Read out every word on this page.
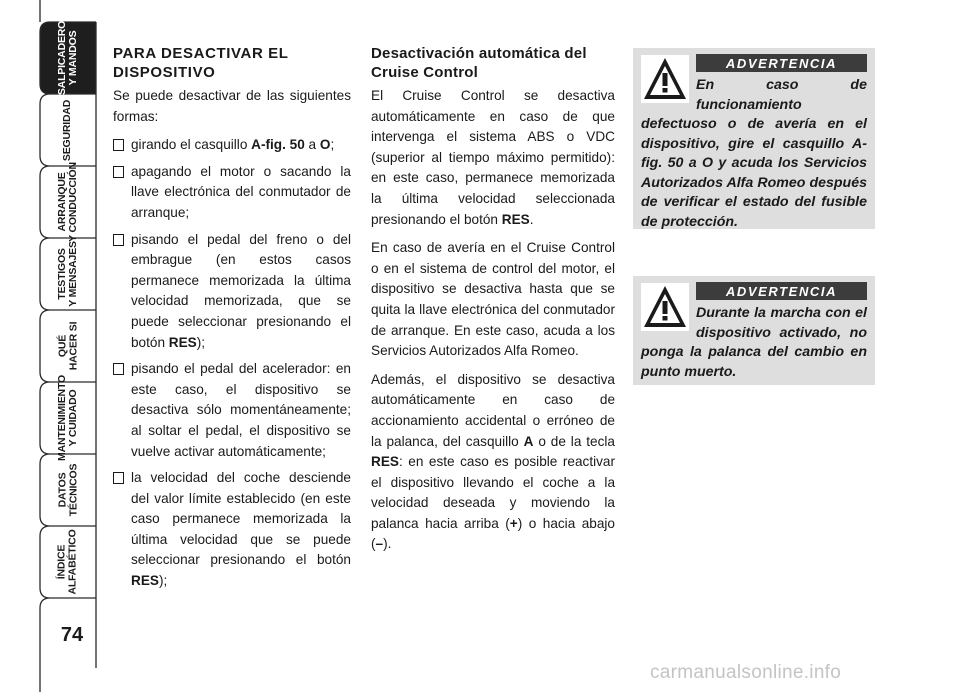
SALPICADERO
Y MANDOS
SEGURIDAD
ARRANQUE
Y CONDUCCIÓN
TESTIGOS
Y MENSAJES
QUÉ
HACER SI
MANTENIMIENTO
Y CUIDADO
DATOS
TÉCNICOS
ÍNDICE
ALFABÉTICO
74
PARA DESACTIVAR EL DISPOSITIVO

Se puede desactivar de las siguientes formas:

girando el casquillo A-fig. 50 a O;
apagando el motor o sacando la llave electrónica del conmutador de arranque;
pisando el pedal del freno o del embrague (en estos casos permanece memorizada la última velocidad memorizada, que se puede seleccionar presionando el botón RES);
pisando el pedal del acelerador: en este caso, el dispositivo se desactiva sólo momentáneamente; al soltar el pedal, el dispositivo se vuelve activar automáticamente;
la velocidad del coche desciende del valor límite establecido (en este caso permanece memorizada la última velocidad que se puede seleccionar presionando el botón RES);
Desactivación automática del Cruise Control

El Cruise Control se desactiva automáticamente en caso de que intervenga el sistema ABS o VDC (superior al tiempo máximo permitido): en este caso, permanece memorizada la última velocidad seleccionada presionando el botón RES.

En caso de avería en el Cruise Control o en el sistema de control del motor, el dispositivo se desactiva hasta que se quita la llave electrónica del conmutador de arranque. En este caso, acuda a los Servicios Autorizados Alfa Romeo.

Además, el dispositivo se desactiva automáticamente en caso de accionamiento accidental o erróneo de la palanca, del casquillo A o de la tecla RES: en este caso es posible reactivar el dispositivo llevando el coche a la velocidad deseada y moviendo la palanca hacia arriba (+) o hacia abajo (–).

ADVERTENCIA
En caso de funcionamiento defectuoso o de avería en el dispositivo, gire el casquillo A-fig. 50 a O y acuda los Servicios Autorizados Alfa Romeo después de verificar el estado del fusible de protección.
ADVERTENCIA
Durante la marcha con el dispositivo activado, no ponga la palanca del cambio en punto muerto.
carmanualsonline.info
